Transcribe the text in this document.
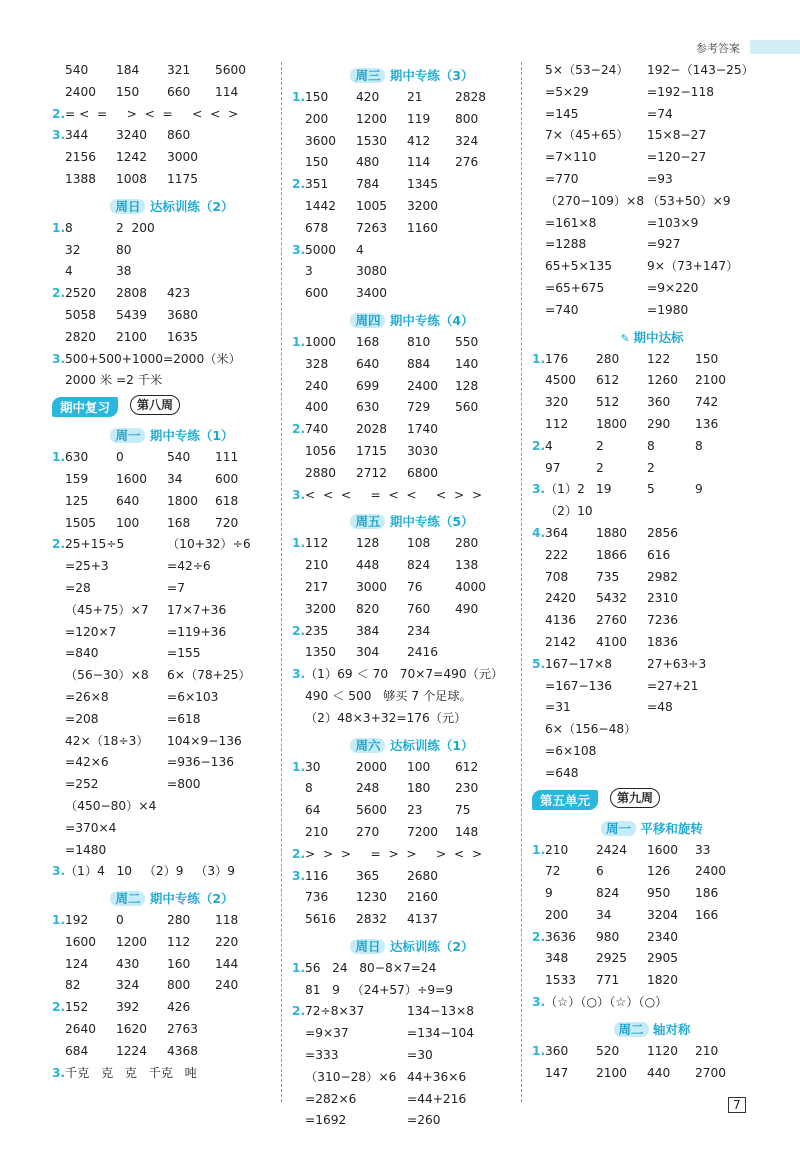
参考答案
540 184 321 5600
2400 150 660 114
2. = <  =     >  <  =     <  <  >
3. 344 3240 860
2156 1242 3000
1388 1008 1175
周日 达标训练（2）
1. 8	2  200
32	80
4	38
2. 2520 2808 423
5058 5439 3680
2820 2100 1635
3. 500+500+1000=2000（米）
2000 米 =2 千米
期中复习	第八周
周一 期中专练（1）
1. 630 0	540 111
159 1600 34	600
125 640 1800 618
1505 100 168 720
2. 25+15÷5	（10+32）÷6
=25+3	=42÷6
=28	=7
（45+75）×7 17×7+36
=120×7	=119+36
=840	=155
（56−30）×8 6×（78+25）
=26×8	=6×103
=208	=618
42×（18÷3） 104×9−136
=42×6	=936−136
=252	=800
（450−80）×4
=370×4
=1480
3. （1）4   10   （2）9   （3）9
周二 期中专练（2）
1. 192 0	280 118
1600 1200 112 220
124 430 160 144
82	324 800 240
2. 152 392 426
2640 1620 2763
684 1224 4368
3. 千克   克   克   千克   吨
周三 期中专练（3）
1. 150 420 21	2828
200 1200 119 800
3600 1530 412 324
150 480 114 276
2. 351 784 1345
1442 1005 3200
678 7263 1160
3. 5000 4
3	3080
600 3400
周四 期中专练（4）
1. 1000 168 810 550
328 640 884 140
240 699 2400 128
400 630 729 560
2. 740 2028 1740
1056 1715 3030
2880 2712 6800
3. <  <  <     =  <  <     <  >  >
周五 期中专练（5）
1. 112 128 108 280
210 448 824 138
217 3000 76	4000
3200 820 760 490
2. 235 384 234
1350 304 2416
3. （1）69 ＜ 70   70×7=490（元）
490 ＜ 500   够买 7 个足球。
（2）48×3+32=176（元）
周六 达标训练（1）
1. 30	2000 100 612
8	248 180 230
64	5600 23	75
210 270 7200 148
2. >  >  >     =  >  >     >  <  >
3. 116 365 2680
736 1230 2160
5616 2832 4137
周日 达标训练（2）
1. 56   24   80−8×7=24
81   9   （24+57）÷9=9
2. 72÷8×37	134−13×8
=9×37	=134−104
=333	=30
（310−28）×6 44+36×6
=282×6	=44+216
=1692	=260
5×（53−24） 192−（143−25）
=5×29	=192−118
=145	=74
7×（45+65） 15×8−27
=7×110	=120−27
=770	=93
（270−109）×8 （53+50）×9
=161×8	=103×9
=1288	=927
65+5×135	9×（73+147）
=65+675	=9×220
=740	=1980
✎ 期中达标
1. 176 280 122 150
4500 612 1260 2100
320 512 360 742
112 1800 290 136
2. 4	2	8	8
97	2	2
3. （1）2 19	5	9
（2）10
4. 364 1880 2856
222 1866 616
708 735 2982
2420 5432 2310
4136 2760 7236
2142 4100 1836
5. 167−17×8	27+63÷3
=167−136	=27+21
=31	=48
6×（156−48）
=6×108
=648
第五单元	第九周
周一 平移和旋转
1. 210 2424 1600 33
72	6	126 2400
9	824 950 186
200 34	3204 166
2. 3636 980 2340
348 2925 2905
1533 771 1820
3. （☆）（○）（☆）（○）
周二 轴对称
1. 360 520 1120 210
147 2100 440 2700
7
